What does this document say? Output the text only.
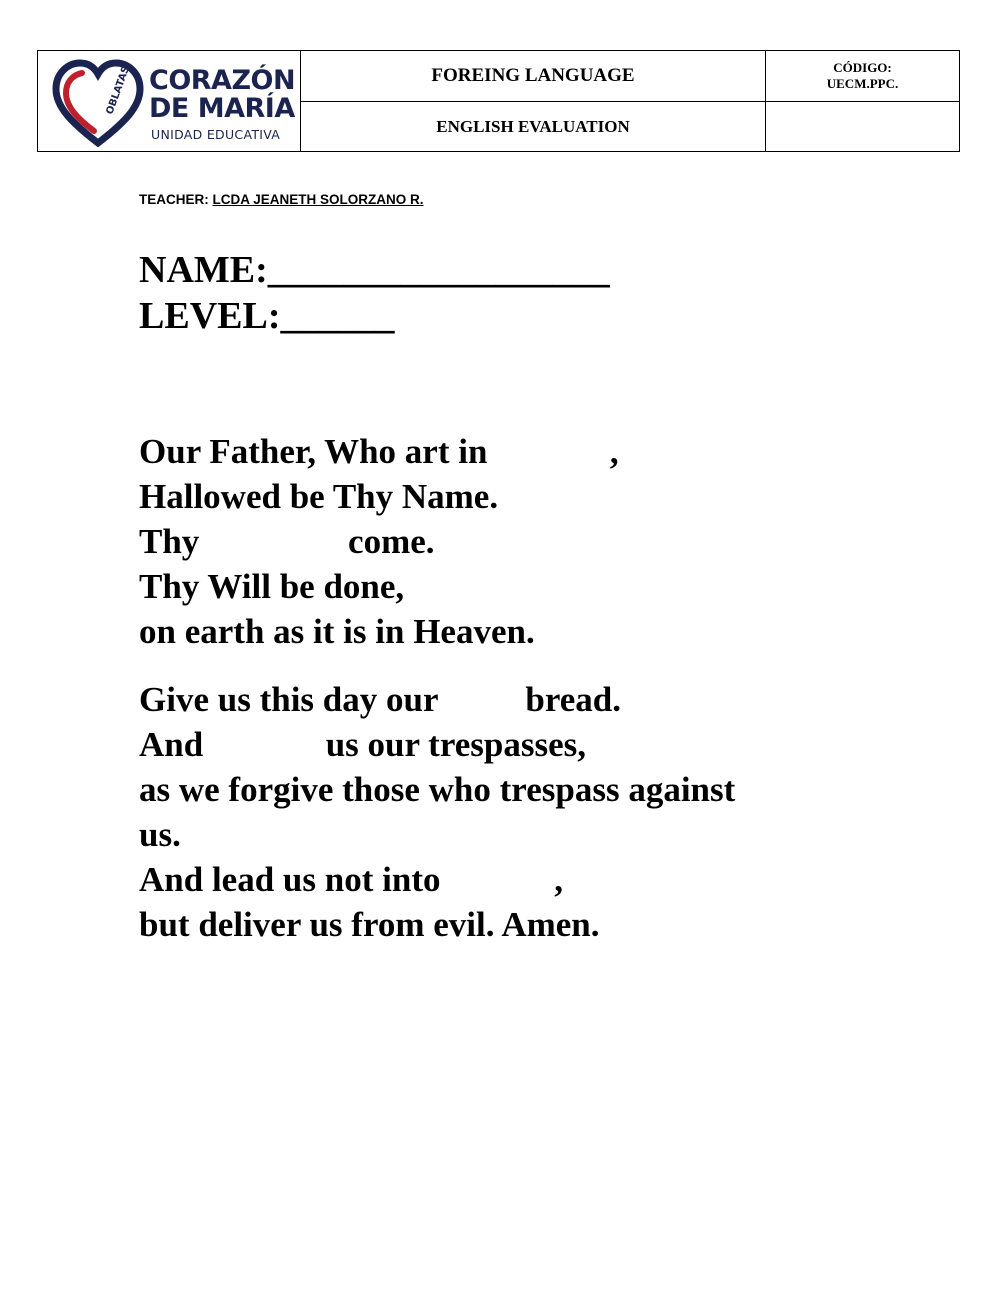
OBLATAS CORAZÓN
DE MARÍA
UNIDAD EDUCATIVA
FOREING LANGUAGE
ENGLISH EVALUATION
CÓDIGO:
UECM.PPC.
TEACHER: LCDA JEANETH SOLORZANO R.
NAME:__________________
LEVEL:______
Our Father, Who art in              ,
Hallowed be Thy Name.
Thy                 come.
Thy Will be done,
on earth as it is in Heaven.
Give us this day our          bread.
And              us our trespasses,
as we forgive those who trespass against
us.
And lead us not into             ,
but deliver us from evil. Amen.
